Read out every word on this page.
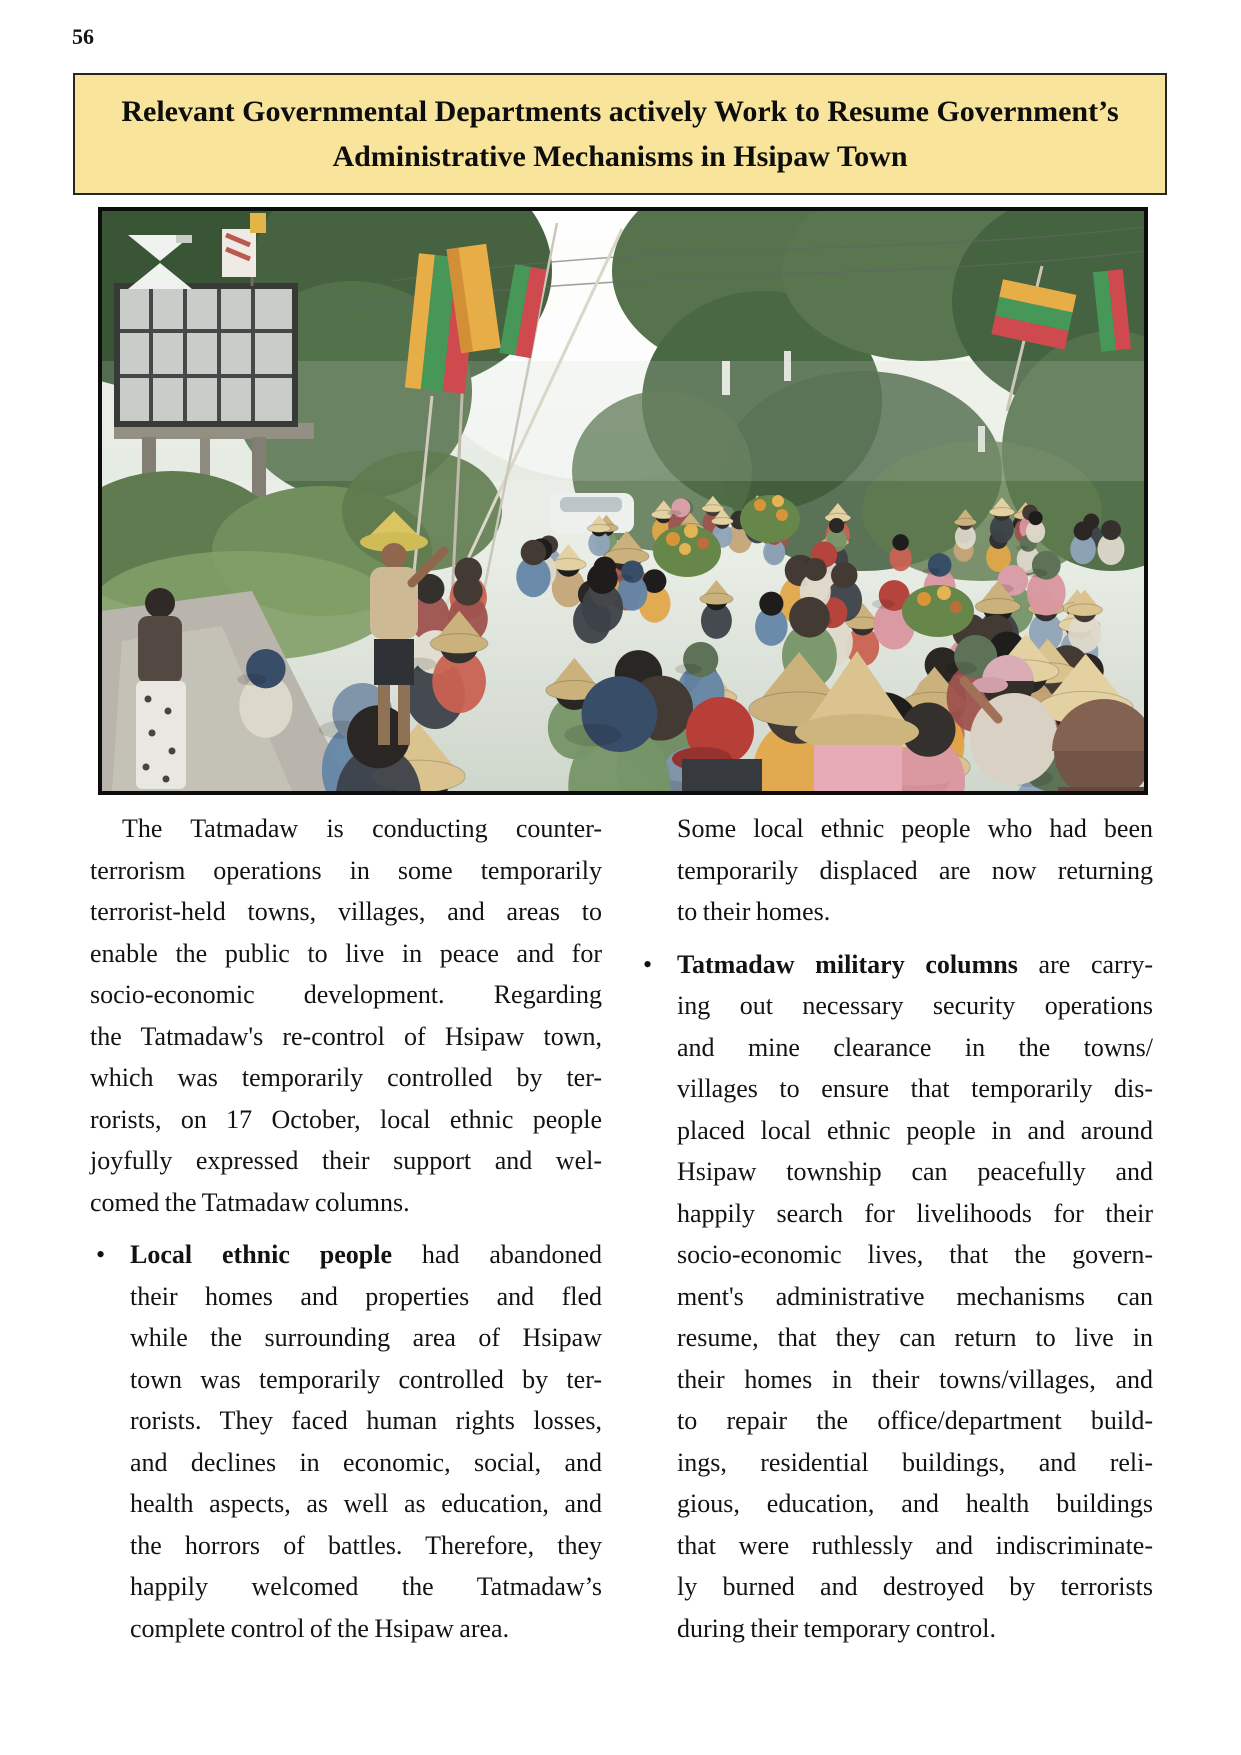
56
Relevant Governmental Departments actively Work to Resume Government’s
Administrative Mechanisms in Hsipaw Town
The Tatmadaw is conducting counter-
terrorism operations in some temporarily
terrorist-held towns, villages, and areas to
enable the public to live in peace and for
socio-economic development. Regarding
the Tatmadaw's re-control of Hsipaw town,
which was temporarily controlled by ter-
rorists, on 17 October, local ethnic people
joyfully expressed their support and wel-
comed the Tatmadaw columns.
• Local ethnic people had abandoned
their homes and properties and fled
while the surrounding area of Hsipaw
town was temporarily controlled by ter-
rorists. They faced human rights losses,
and declines in economic, social, and
health aspects, as well as education, and
the horrors of battles. Therefore, they
happily welcomed the Tatmadaw’s
complete control of the Hsipaw area.
Some local ethnic people who had been
temporarily displaced are now returning
to their homes.
• Tatmadaw military columns are carry-
ing out necessary security operations
and mine clearance in the towns/
villages to ensure that temporarily dis-
placed local ethnic people in and around
Hsipaw township can peacefully and
happily search for livelihoods for their
socio-economic lives, that the govern-
ment's administrative mechanisms can
resume, that they can return to live in
their homes in their towns/villages, and
to repair the office/department build-
ings, residential buildings, and reli-
gious, education, and health buildings
that were ruthlessly and indiscriminate-
ly burned and destroyed by terrorists
during their temporary control.
